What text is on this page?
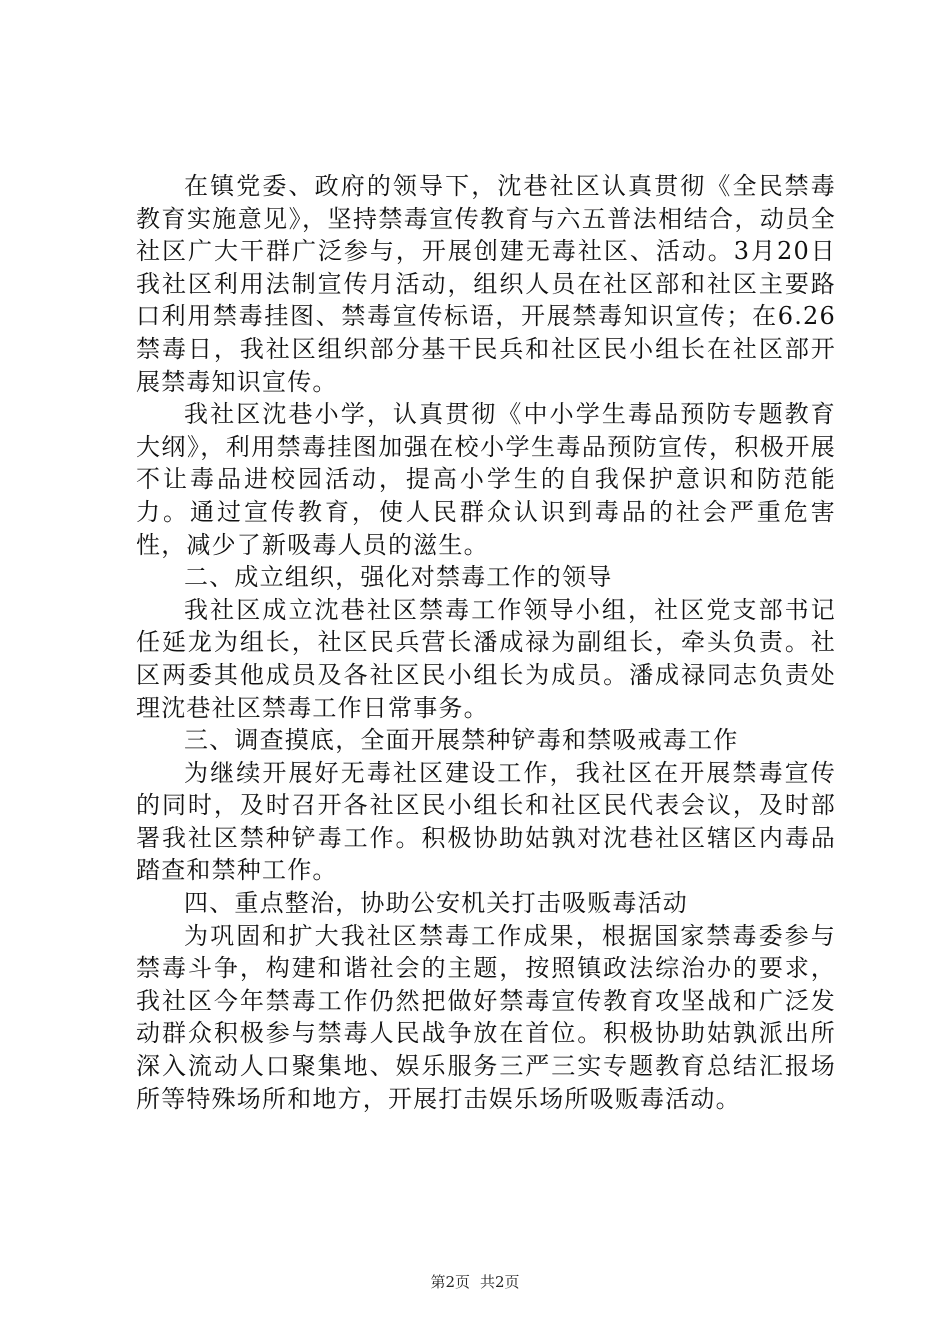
在镇党委、政府的领导下，沈巷社区认真贯彻《全民禁毒教育实施意见》，坚持禁毒宣传教育与六五普法相结合，动员全社区广大干群广泛参与，开展创建无毒社区、活动。3月20日我社区利用法制宣传月活动，组织人员在社区部和社区主要路口利用禁毒挂图、禁毒宣传标语，开展禁毒知识宣传；在6.26禁毒日，我社区组织部分基干民兵和社区民小组长在社区部开展禁毒知识宣传。

我社区沈巷小学，认真贯彻《中小学生毒品预防专题教育大纲》，利用禁毒挂图加强在校小学生毒品预防宣传，积极开展不让毒品进校园活动，提高小学生的自我保护意识和防范能力。通过宣传教育，使人民群众认识到毒品的社会严重危害性，减少了新吸毒人员的滋生。

二、成立组织，强化对禁毒工作的领导

我社区成立沈巷社区禁毒工作领导小组，社区党支部书记任延龙为组长，社区民兵营长潘成禄为副组长，牵头负责。社区两委其他成员及各社区民小组长为成员。潘成禄同志负责处理沈巷社区禁毒工作日常事务。

三、调查摸底，全面开展禁种铲毒和禁吸戒毒工作

为继续开展好无毒社区建设工作，我社区在开展禁毒宣传的同时，及时召开各社区民小组长和社区民代表会议，及时部署我社区禁种铲毒工作。积极协助姑孰对沈巷社区辖区内毒品踏查和禁种工作。

四、重点整治，协助公安机关打击吸贩毒活动

为巩固和扩大我社区禁毒工作成果，根据国家禁毒委参与禁毒斗争，构建和谐社会的主题，按照镇政法综治办的要求，我社区今年禁毒工作仍然把做好禁毒宣传教育攻坚战和广泛发动群众积极参与禁毒人民战争放在首位。积极协助姑孰派出所深入流动人口聚集地、娱乐服务三严三实专题教育总结汇报场所等特殊场所和地方，开展打击娱乐场所吸贩毒活动。

第2页 共2页
